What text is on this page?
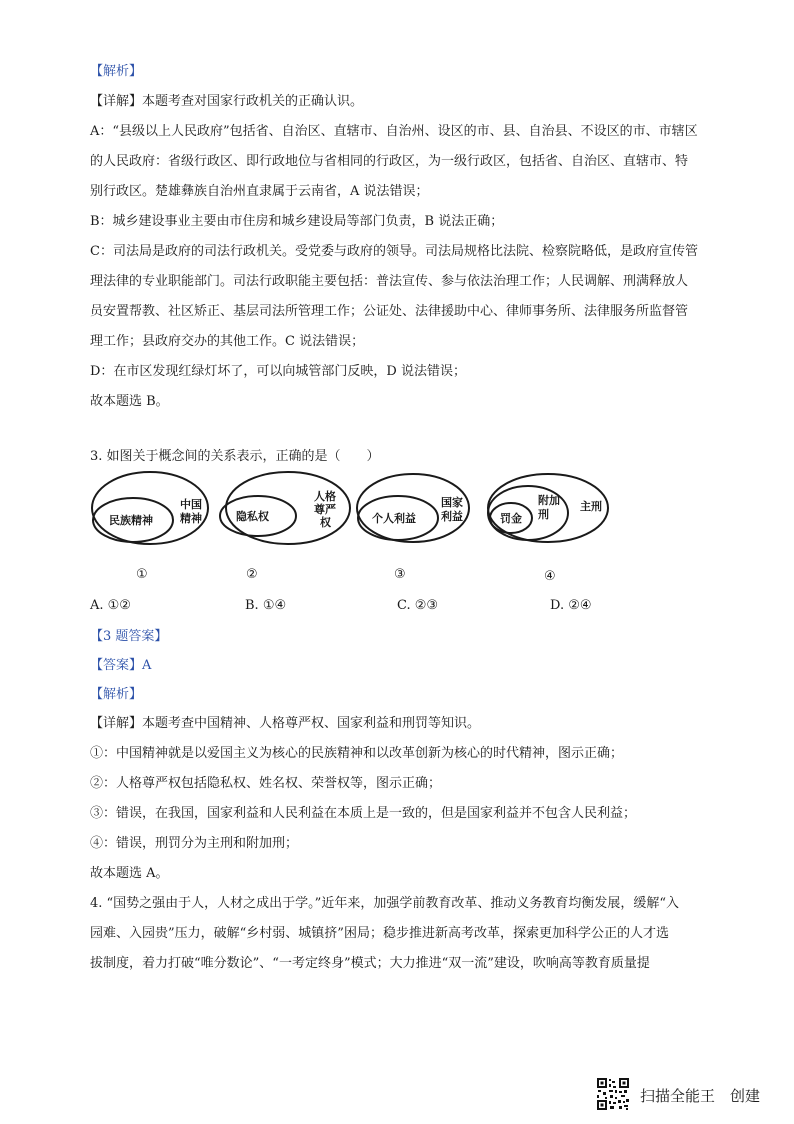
【解析】
【详解】本题考查对国家行政机关的正确认识。
A：“县级以上人民政府”包括省、自治区、直辖市、自治州、设区的市、县、自治县、不设区的市、市辖区
的人民政府：省级行政区、即行政地位与省相同的行政区，为一级行政区，包括省、自治区、直辖市、特
别行政区。楚雄彝族自治州直隶属于云南省，A 说法错误；
B：城乡建设事业主要由市住房和城乡建设局等部门负责，B 说法正确；
C：司法局是政府的司法行政机关。受党委与政府的领导。司法局规格比法院、检察院略低，是政府宣传管
理法律的专业职能部门。司法行政职能主要包括：普法宣传、参与依法治理工作；人民调解、刑满释放人
员安置帮教、社区矫正、基层司法所管理工作；公证处、法律援助中心、律师事务所、法律服务所监督管
理工作；县政府交办的其他工作。C 说法错误；
D：在市区发现红绿灯坏了，可以向城管部门反映，D 说法错误；
故本题选 B。
3. 如图关于概念间的关系表示，正确的是（　　）
民族精神
中国
精神	隐私权
人格
尊严
权	个人利益
国家
利益	罚金
附加
刑
主刑
①	②	③	④
A. ①②	B. ①④	C. ②③	D. ②④
【3 题答案】
【答案】A
【解析】
【详解】本题考查中国精神、人格尊严权、国家利益和刑罚等知识。
①：中国精神就是以爱国主义为核心的民族精神和以改革创新为核心的时代精神，图示正确；
②：人格尊严权包括隐私权、姓名权、荣誉权等，图示正确；
③：错误，在我国，国家利益和人民利益在本质上是一致的，但是国家利益并不包含人民利益；
④：错误，刑罚分为主刑和附加刑；
故本题选 A。
4. “国势之强由于人，人材之成出于学。”近年来，加强学前教育改革、推动义务教育均衡发展，缓解“入
园难、入园贵”压力，破解“乡村弱、城镇挤”困局；稳步推进新高考改革，探索更加科学公正的人才选
拔制度，着力打破“唯分数论”、“一考定终身”模式；大力推进“双一流”建设，吹响高等教育质量提
扫描全能王　创建
